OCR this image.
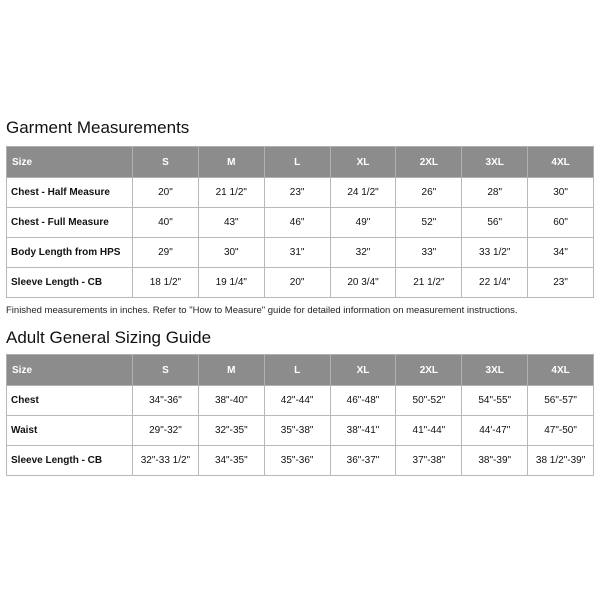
Garment Measurements
Size	S	M	L	XL	2XL	3XL	4XL
Chest - Half Measure	20"	21 1/2"	23"	24 1/2"	26"	28"	30"
Chest - Full Measure	40"	43"	46"	49"	52"	56"	60"
Body Length from HPS	29"	30"	31"	32"	33"	33 1/2"	34"
Sleeve Length - CB	18 1/2"	19 1/4"	20"	20 3/4"	21 1/2"	22 1/4"	23"

Finished measurements in inches. Refer to "How to Measure" guide for detailed information on measurement instructions.

Adult General Sizing Guide
Size	S	M	L	XL	2XL	3XL	4XL
Chest	34"-36"	38"-40"	42"-44"	46"-48"	50"-52"	54"-55"	56"-57"
Waist	29"-32"	32"-35"	35"-38"	38"-41"	41"-44"	44'-47"	47"-50"
Sleeve Length - CB	32"-33 1/2"	34"-35"	35"-36"	36"-37"	37"-38"	38"-39"	38 1/2"-39"
